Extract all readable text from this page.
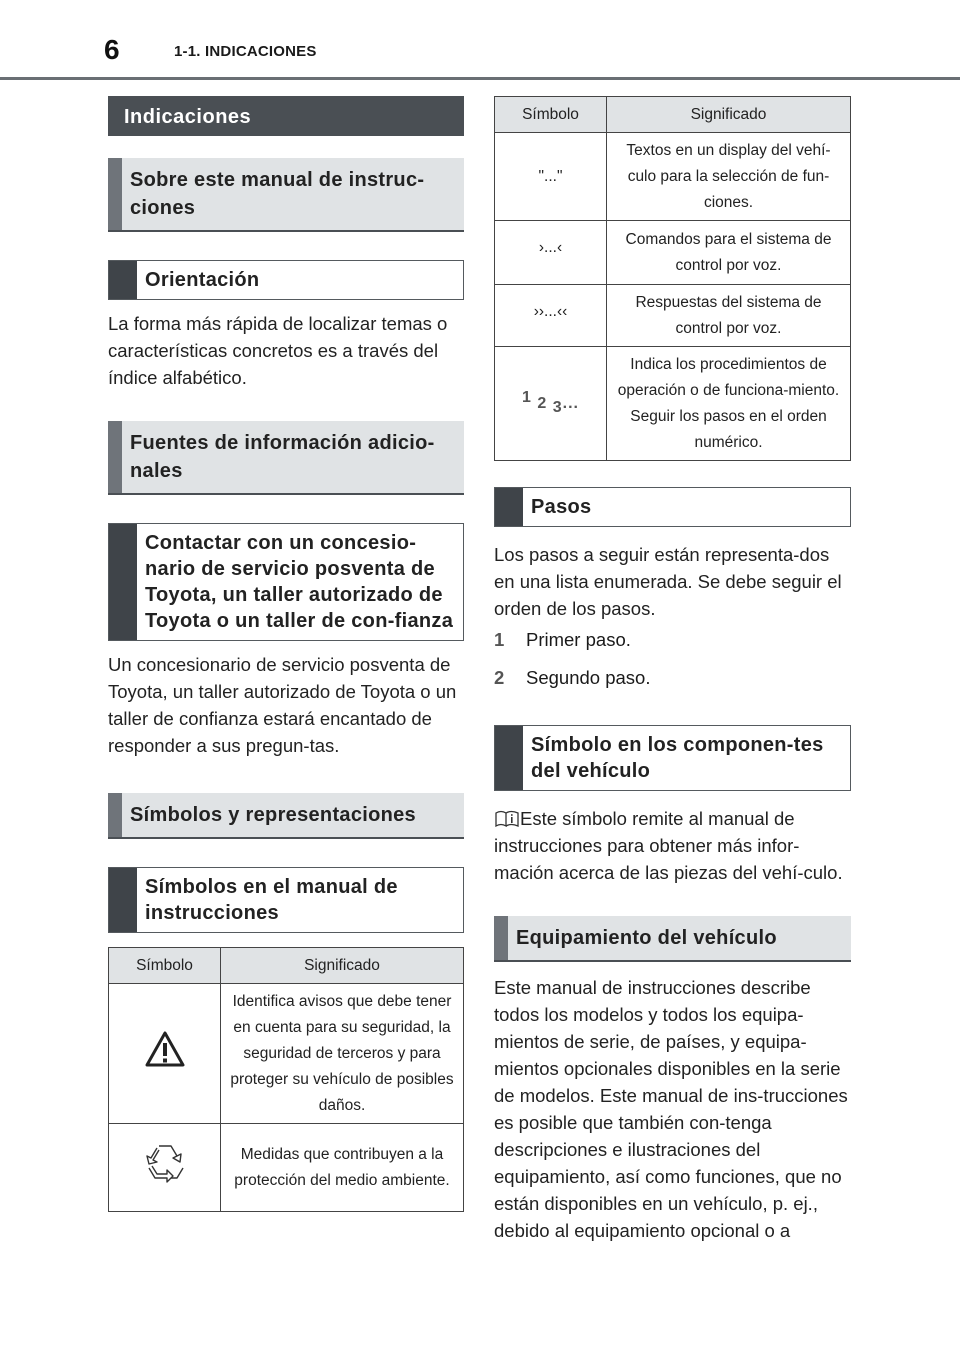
6	1-1. INDICACIONES
Indicaciones
Sobre este manual de instruc-ciones
Orientación
La forma más rápida de localizar temas o características concretos es a través del índice alfabético.
Fuentes de información adicio-nales
Contactar con un concesio-nario de servicio posventa de Toyota, un taller autorizado de Toyota o un taller de con-fianza
Un concesionario de servicio posventa de Toyota, un taller autorizado de Toyota o un taller de confianza estará encantado de responder a sus pregun-tas.
Símbolos y representaciones
Símbolos en el manual de instrucciones
Símbolo	Significado
	Identifica avisos que debe tener en cuenta para su seguridad, la seguridad de terceros y para proteger su vehículo de posibles daños.
	Medidas que contribuyen a la protección del medio ambiente.
Símbolo	Significado
"..."	Textos en un display del vehí-culo para la selección de fun-ciones.
›...‹	Comandos para el sistema de control por voz.
››...‹‹	Respuestas del sistema de control por voz.
1 2 3...	Indica los procedimientos de operación o de funciona-miento. Seguir los pasos en el orden numérico.
Pasos
Los pasos a seguir están representa-dos en una lista enumerada. Se debe seguir el orden de los pasos.
1	Primer paso.
2	Segundo paso.
Símbolo en los componen-tes del vehículo
Este símbolo remite al manual de instrucciones para obtener más infor-mación acerca de las piezas del vehí-culo.
Equipamiento del vehículo
Este manual de instrucciones describe todos los modelos y todos los equipa-mientos de serie, de países, y equipa-mientos opcionales disponibles en la serie de modelos. Este manual de ins-trucciones es posible que también con-tenga descripciones e ilustraciones del equipamiento, así como funciones, que no están disponibles en un vehículo, p. ej., debido al equipamiento opcional o a
